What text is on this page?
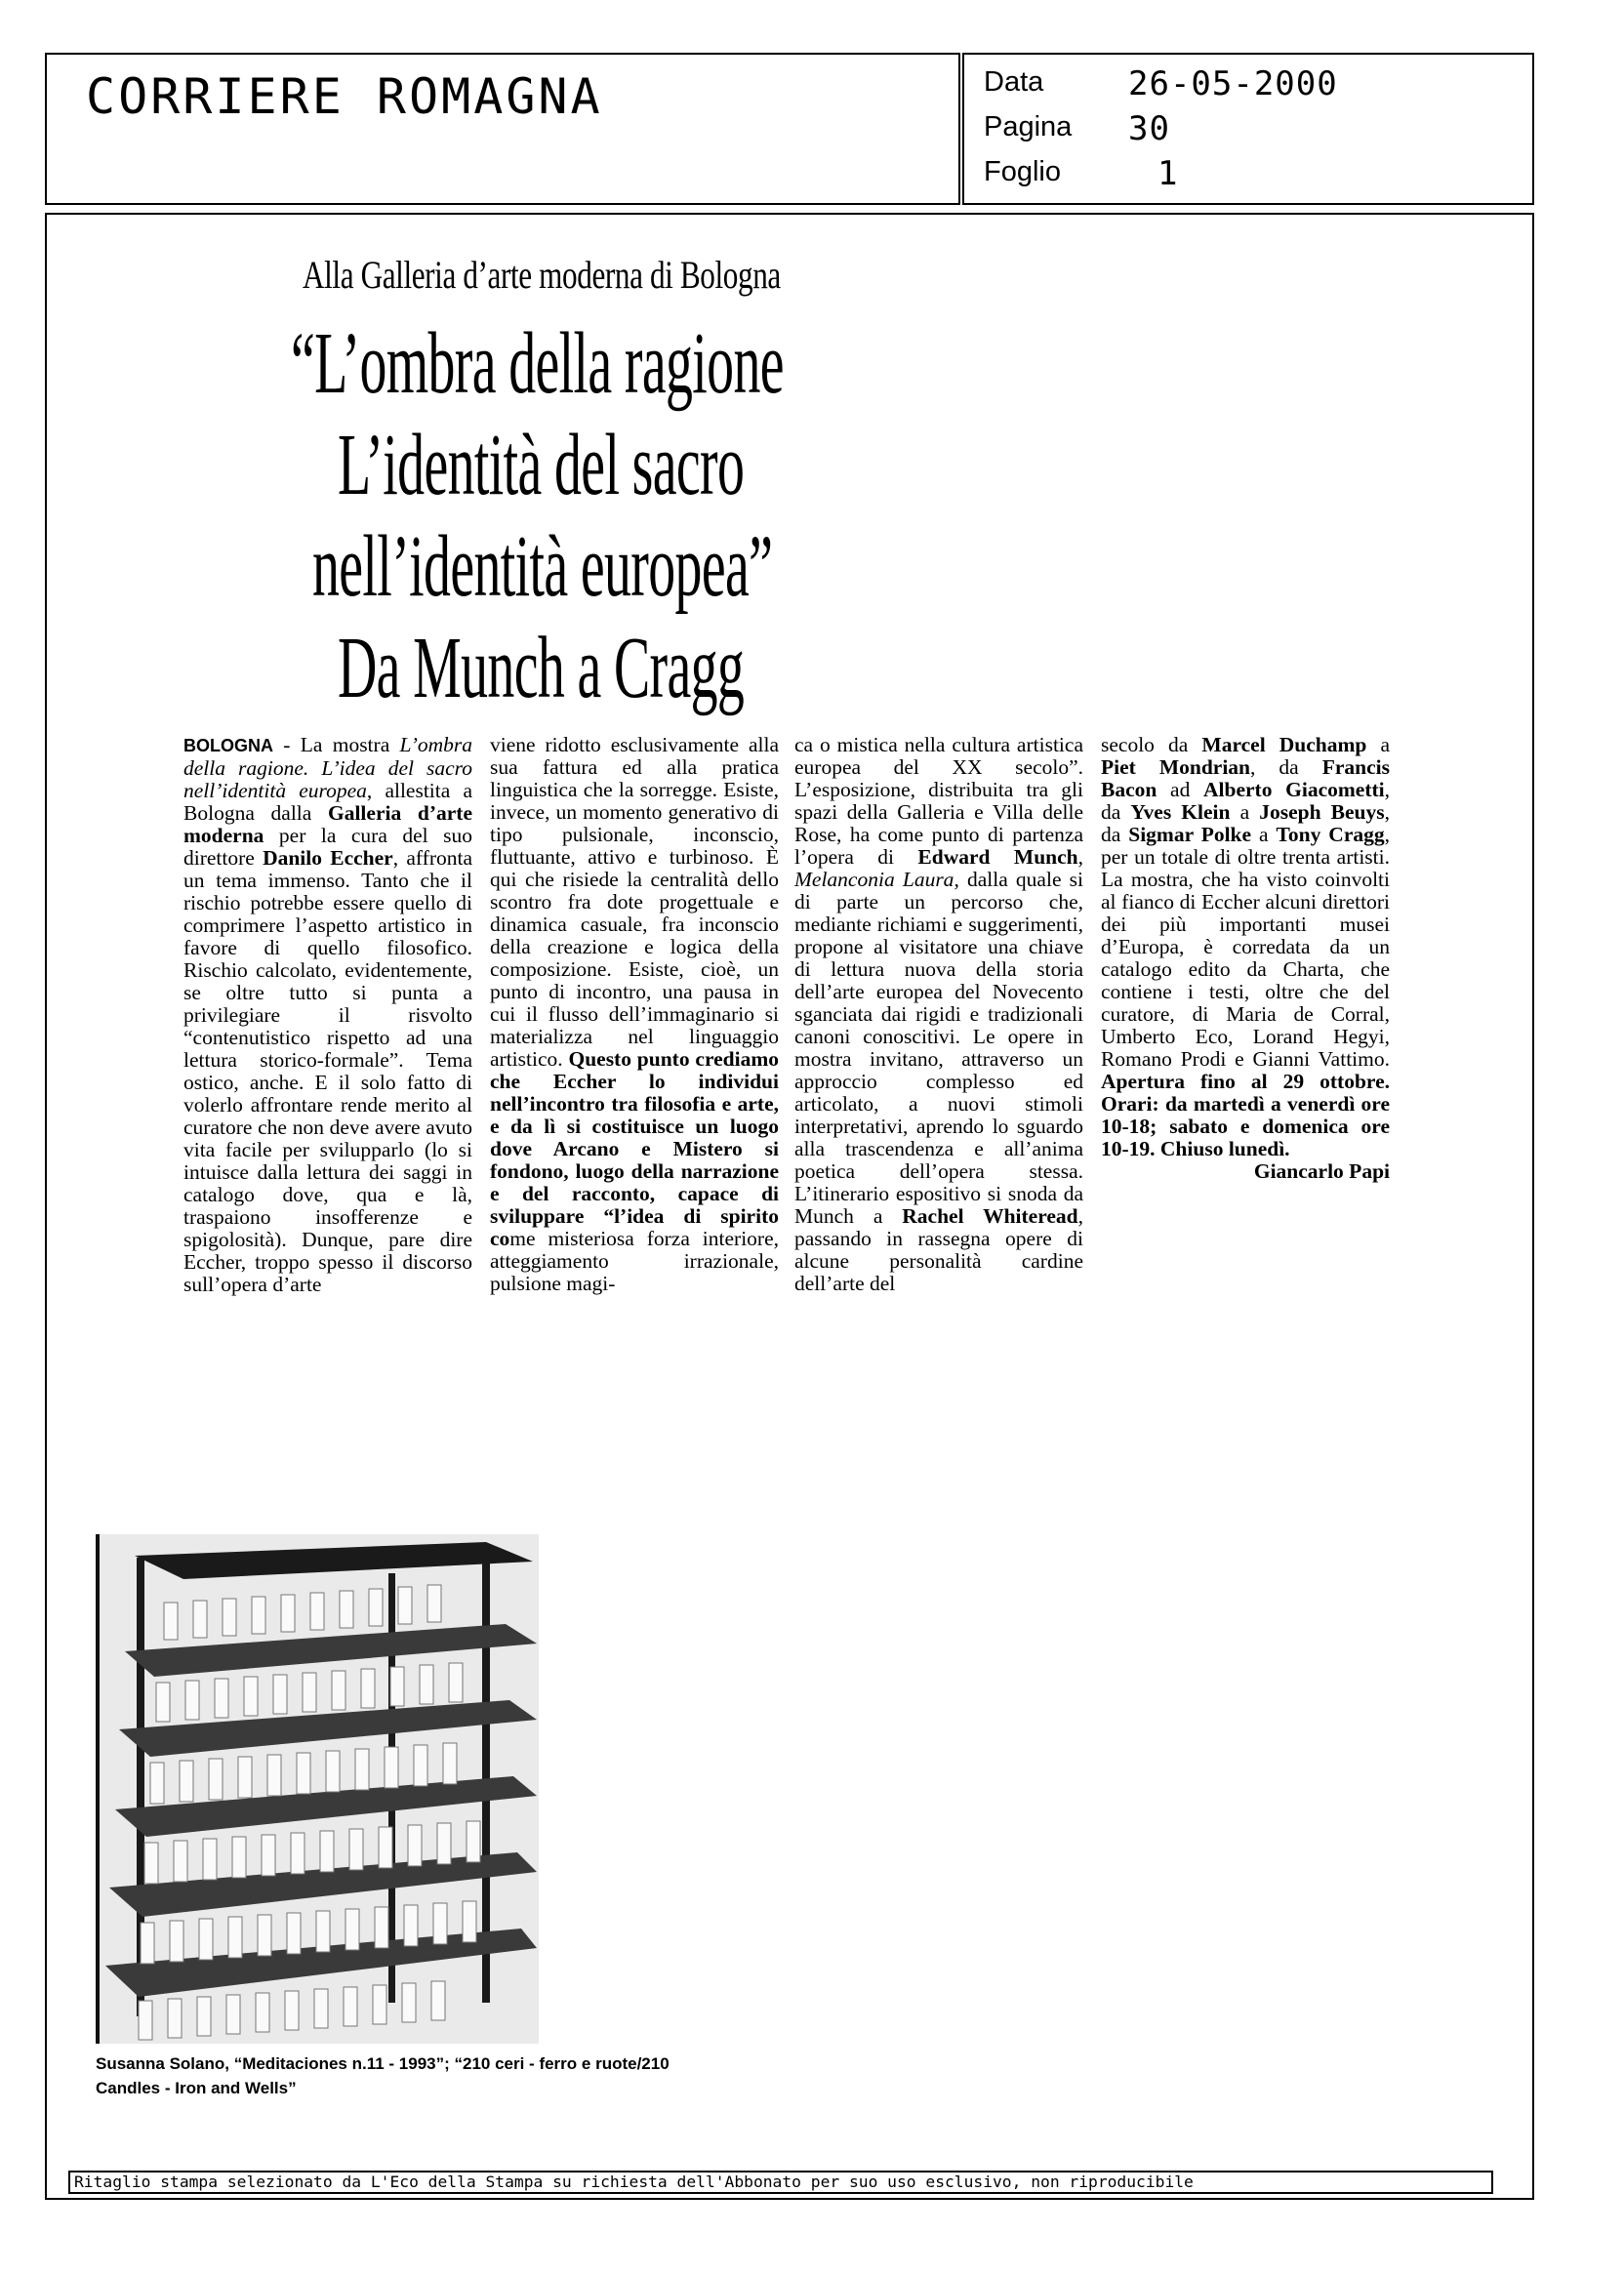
CORRIERE ROMAGNA	Data	26-05-2000
Pagina 30
Foglio	1
Alla Galleria d’arte moderna di Bologna
“L’ombra della ragione
L’identità del sacro
nell’identità europea”
Da Munch a Cragg
BOLOGNA - La mostra L’ombra della ragione. L’idea del sacro nell’identità europea, allestita a Bologna dalla Galleria d’arte moderna per la cura del suo direttore Danilo Eccher, affronta un tema immenso. Tanto che il rischio potrebbe essere quello di comprimere l’aspetto artistico in favore di quello filosofico. Rischio calcolato, evidentemente, se oltre tutto si punta a privilegiare il risvolto “contenutistico rispetto ad una lettura storico-formale”. Tema ostico, anche. E il solo fatto di volerlo affrontare rende merito al curatore che non deve avere avuto vita facile per svilupparlo (lo si intuisce dalla lettura dei saggi in catalogo dove, qua e là, traspaiono insofferenze e spigolosità). Dunque, pare dire Eccher, troppo spesso il discorso sull’opera d’arte
viene ridotto esclusivamente alla sua fattura ed alla pratica linguistica che la sorregge. Esiste, invece, un momento generativo di tipo pulsionale, inconscio, fluttuante, attivo e turbinoso. È qui che risiede la centralità dello scontro fra dote progettuale e dinamica casuale, fra inconscio della creazione e logica della composizione. Esiste, cioè, un punto di incontro, una pausa in cui il flusso dell’immaginario si materializza nel linguaggio artistico. Questo punto crediamo che Eccher lo individui nell’incontro tra filosofia e arte, e da lì si costituisce un luogo dove Arcano e Mistero si fondono, luogo della narrazione e del racconto, capace di sviluppare “l’idea di spirito come misteriosa forza interiore, atteggiamento irrazionale, pulsione magi-
ca o mistica nella cultura artistica europea del XX secolo”. L’esposizione, distribuita tra gli spazi della Galleria e Villa delle Rose, ha come punto di partenza l’opera di Edward Munch, Melanconia Laura, dalla quale si di parte un percorso che, mediante richiami e suggerimenti, propone al visitatore una chiave di lettura nuova della storia dell’arte europea del Novecento sganciata dai rigidi e tradizionali canoni conoscitivi. Le opere in mostra invitano, attraverso un approccio complesso ed articolato, a nuovi stimoli interpretativi, aprendo lo sguardo alla trascendenza e all’anima poetica dell’opera stessa. L’itinerario espositivo si snoda da Munch a Rachel Whiteread, passando in rassegna opere di alcune personalità cardine dell’arte del
secolo da Marcel Duchamp a Piet Mondrian, da Francis Bacon ad Alberto Giacometti, da Yves Klein a Joseph Beuys, da Sigmar Polke a Tony Cragg, per un totale di oltre trenta artisti. La mostra, che ha visto coinvolti al fianco di Eccher alcuni direttori dei più importanti musei d’Europa, è corredata da un catalogo edito da Charta, che contiene i testi, oltre che del curatore, di Maria de Corral, Umberto Eco, Lorand Hegyi, Romano Prodi e Gianni Vattimo. Apertura fino al 29 ottobre. Orari: da martedì a venerdì ore 10-18; sabato e domenica ore 10-19. Chiuso lunedì.
Giancarlo Papi
Susanna Solano, “Meditaciones n.11 - 1993”; “210 ceri - ferro e ruote/210 Candles - Iron and Wells”
Ritaglio stampa selezionato da L'Eco della Stampa su richiesta dell'Abbonato per suo uso esclusivo, non riproducibile
